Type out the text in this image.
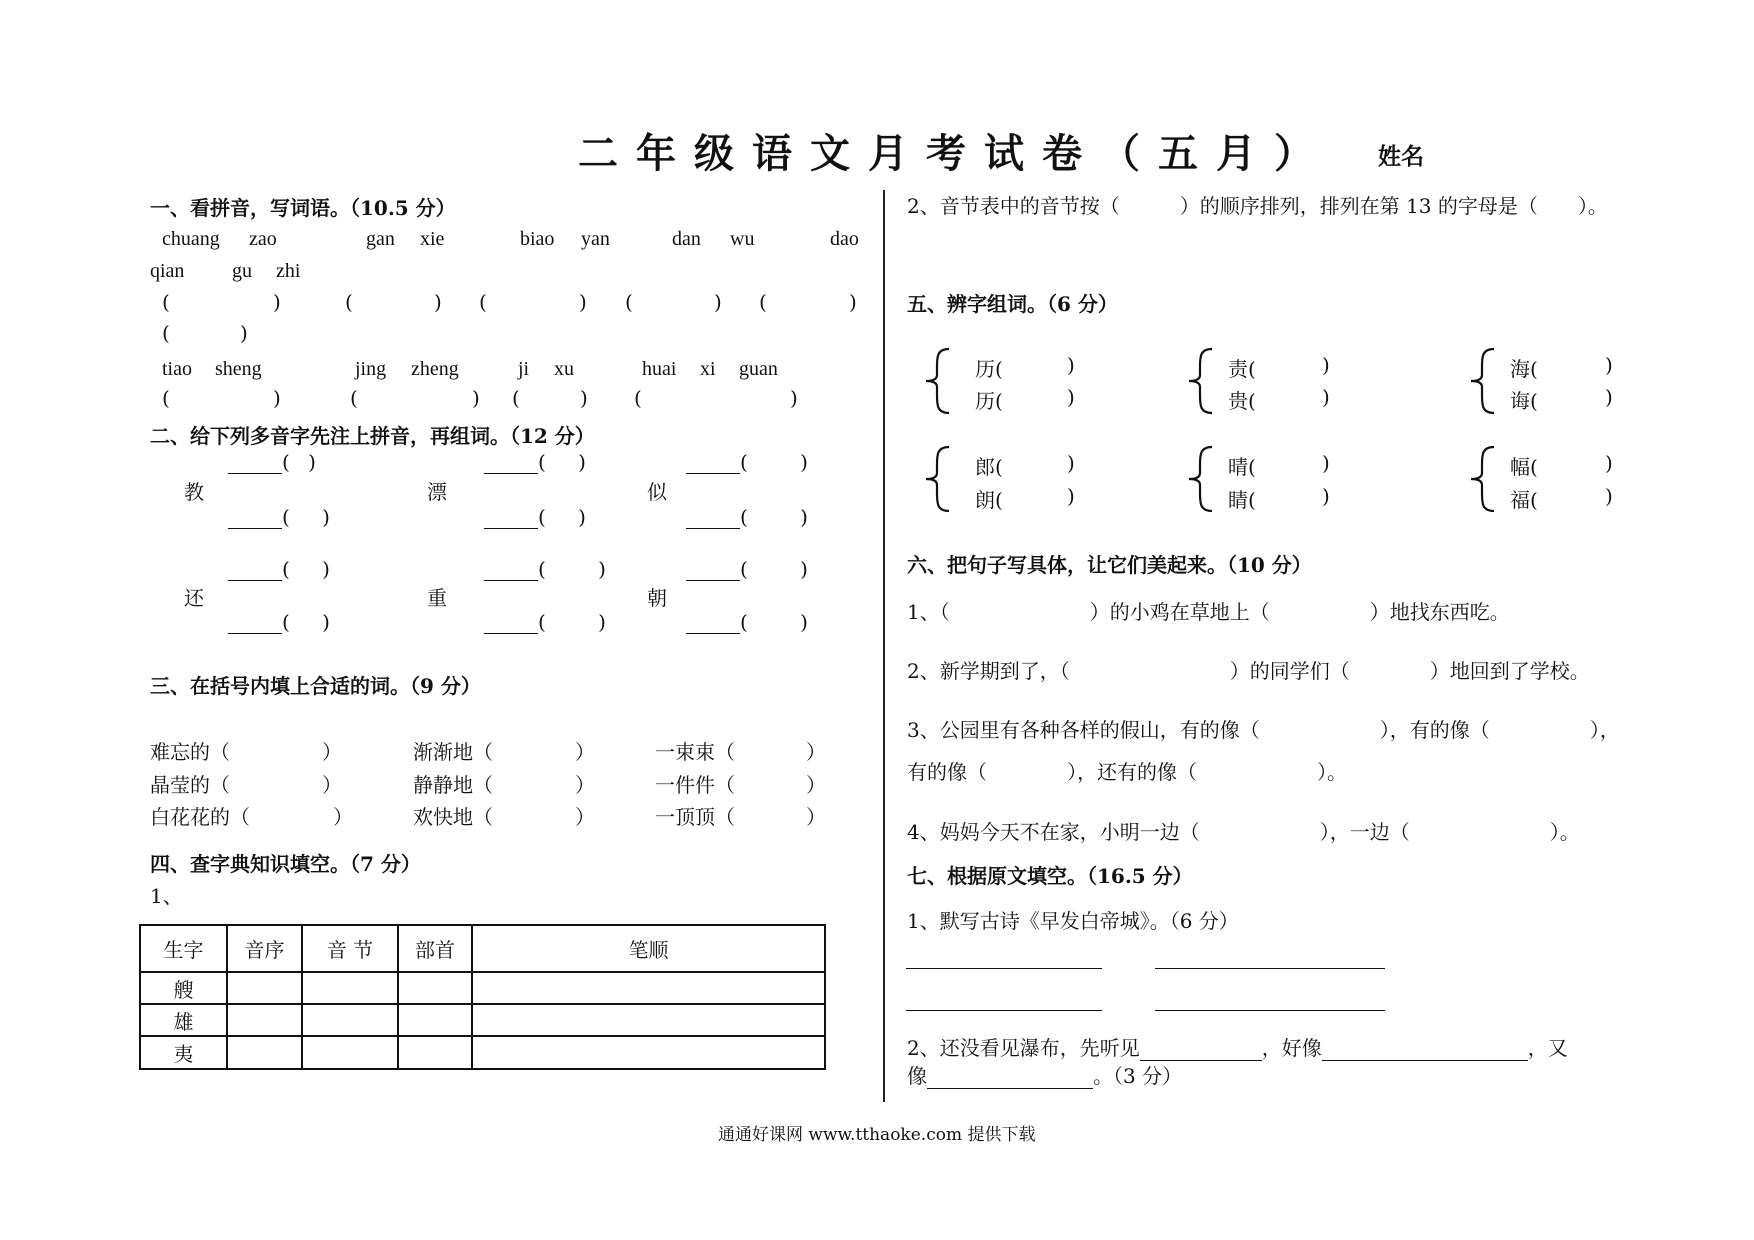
二年级语文月考试卷（五月） 姓名
一、看拼音，写词语。（10.5 分）
chuang zao	gan xie	biao yan	dan wu	dao
qian gu zhi
(	)	(	) (	) (	) (	)
(	)
tiao sheng	jing zheng	ji xu	huai xi guan
(	)	(	) (	) (	)
二、给下列多音字先注上拼音，再组词。（12 分）
( )
教
( )
( )
漂
( )
( )
似
( )
( )
还
( )
( )
重
( )
( )
朝
( )
三、在括号内填上合适的词。（9 分）
难忘的（	）	渐渐地（	）	一束束（	）
晶莹的（	）	静静地（	）	一件件（	）
白花花的（	）	欢快地（	）	一顶顶（	）
四、查字典知识填空。（7 分）
1、
生字	音序	音 节	部首	笔顺
艘				
雄				
夷				
2、音节表中的音节按（　　　）的顺序排列，排列在第 13 的字母是（　　）。
五、辨字组词。（6 分）
历(	)
历(	)
责(	)
贵(	)
海(	)
诲(	)
郎(	)
朗(	)
晴(	)
睛(	)
幅(	)
福(	)
六、把句子写具体，让它们美起来。（10 分）
1、（　　　　　　　）的小鸡在草地上（　　　　　）地找东西吃。
2、新学期到了，（　　　　　　　　）的同学们（　　　　）地回到了学校。
3、公园里有各种各样的假山，有的像（　　　　　　），有的像（　　　　　），
有的像（　　　　），还有的像（　　　　　　）。
4、妈妈今天不在家，小明一边（　　　　　　），一边（　　　　　　　）。
七、根据原文填空。（16.5 分）
1、默写古诗《早发白帝城》。（6 分）
2、还没看见瀑布，先听见	，好像	，又
像	。（3 分）
通通好课网 www.tthaoke.com 提供下载
